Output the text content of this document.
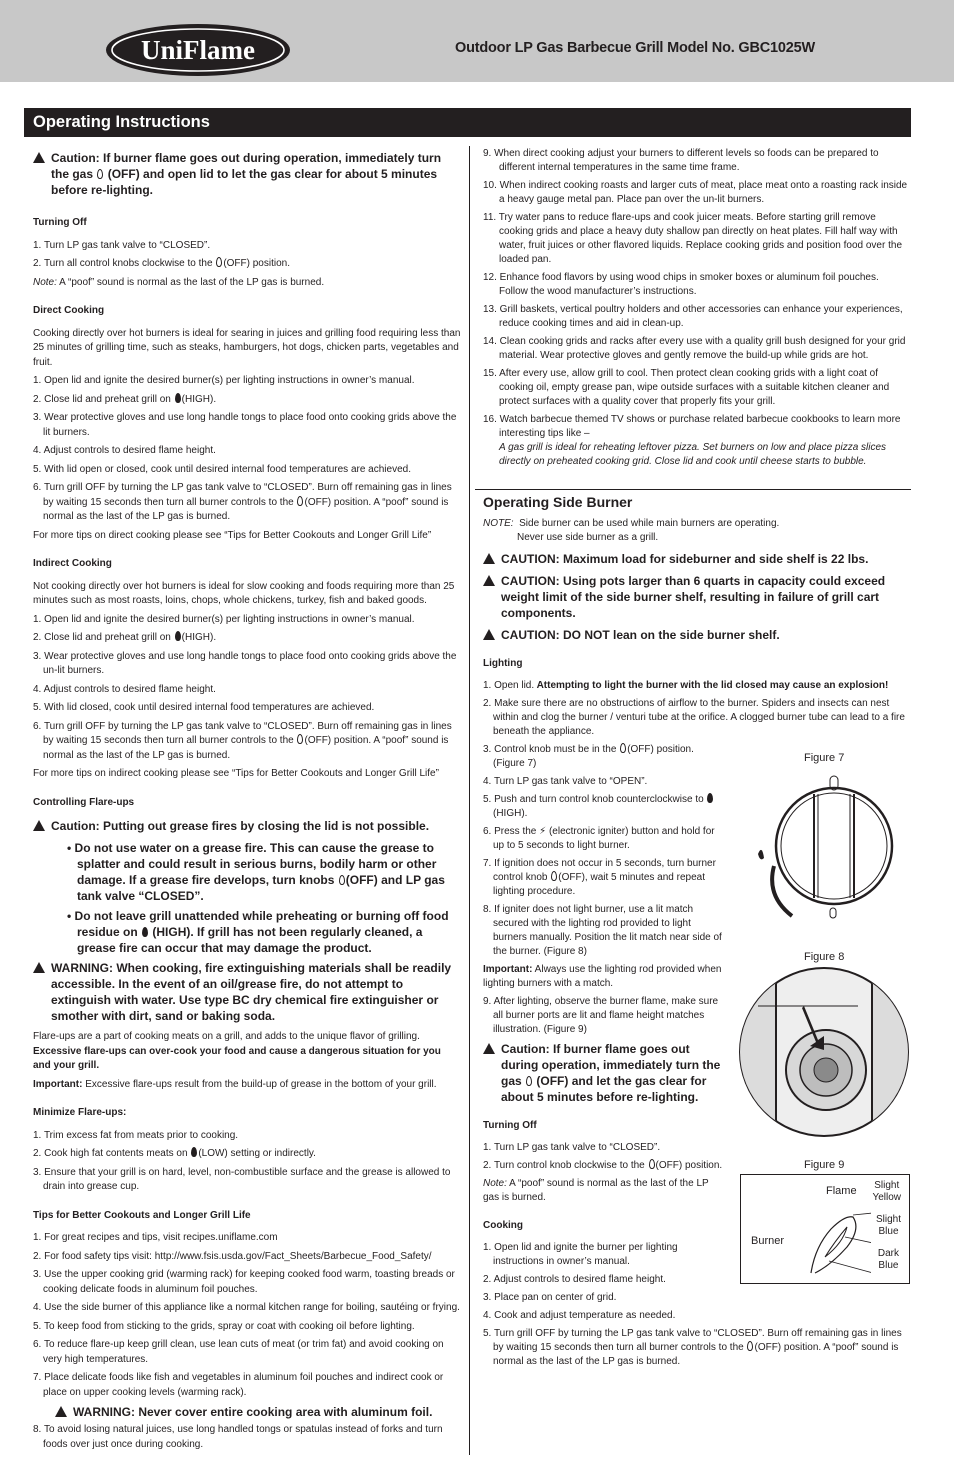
UniFlame	Outdoor LP Gas Barbecue Grill Model No. GBC1025W
Operating Instructions
Caution: If burner flame goes out during operation, immediately turn the gas (OFF) and open lid to let the gas clear for about 5 minutes before re-lighting.
Turning Off

1. Turn LP gas tank valve to “CLOSED”.

2. Turn all control knobs clockwise to the (OFF) position.

Note: A “poof” sound is normal as the last of the LP gas is burned.

Direct Cooking

Cooking directly over hot burners is ideal for searing in juices and grilling food requiring less than 25 minutes of grilling time, such as steaks, hamburgers, hot dogs, chicken parts, vegetables and fruit.

1. Open lid and ignite the desired burner(s) per lighting instructions in owner’s manual.

2. Close lid and preheat grill on (HIGH).

3. Wear protective gloves and use long handle tongs to place food onto cooking grids above the lit burners.

4. Adjust controls to desired flame height.

5. With lid open or closed, cook until desired internal food temperatures are achieved.

6. Turn grill OFF by turning the LP gas tank valve to “CLOSED”. Burn off remaining gas in lines by waiting 15 seconds then turn all burner controls to the (OFF) position. A “poof” sound is normal as the last of the LP gas is burned.

For more tips on direct cooking please see “Tips for Better Cookouts and Longer Grill Life”

Indirect Cooking

Not cooking directly over hot burners is ideal for slow cooking and foods requiring more than 25 minutes such as most roasts, loins, chops, whole chickens, turkey, fish and baked goods.

1. Open lid and ignite the desired burner(s) per lighting instructions in owner’s manual.

2. Close lid and preheat grill on (HIGH).

3. Wear protective gloves and use long handle tongs to place food onto cooking grids above the un-lit burners.

4. Adjust controls to desired flame height.

5. With lid closed, cook until desired internal food temperatures are achieved.

6. Turn grill OFF by turning the LP gas tank valve to “CLOSED”. Burn off remaining gas in lines by waiting 15 seconds then turn all burner controls to the (OFF) position. A “poof” sound is normal as the last of the LP gas is burned.

For more tips on indirect cooking please see “Tips for Better Cookouts and Longer Grill Life”

Controlling Flare-ups
Caution: Putting out grease fires by closing the lid is not possible.
• Do not use water on a grease fire. This can cause the grease to splatter and could result in serious burns, bodily harm or other damage. If a grease fire develops, turn knobs (OFF) and LP gas tank valve “CLOSED”.
• Do not leave grill unattended while preheating or burning off food residue on (HIGH). If grill has not been regularly cleaned, a grease fire can occur that may damage the product.
WARNING: When cooking, fire extinguishing materials shall be readily accessible. In the event of an oil/grease fire, do not attempt to extinguish with water. Use type BC dry chemical fire extinguisher or smother with dirt, sand or baking soda.

Flare-ups are a part of cooking meats on a grill, and adds to the unique flavor of grilling.

Excessive flare-ups can over-cook your food and cause a dangerous situation for you and your grill.

Important: Excessive flare-ups result from the build-up of grease in the bottom of your grill.

Minimize Flare-ups:

1. Trim excess fat from meats prior to cooking.

2. Cook high fat contents meats on (LOW) setting or indirectly.

3. Ensure that your grill is on hard, level, non-combustible surface and the grease is allowed to drain into grease cup.

Tips for Better Cookouts and Longer Grill Life

1. For great recipes and tips, visit recipes.uniflame.com

2. For food safety tips visit: http://www.fsis.usda.gov/Fact_Sheets/Barbecue_Food_Safety/

3. Use the upper cooking grid (warming rack) for keeping cooked food warm, toasting breads or cooking delicate foods in aluminum foil pouches.

4. Use the side burner of this appliance like a normal kitchen range for boiling, sautéing or frying.

5. To keep food from sticking to the grids, spray or coat with cooking oil before lighting.

6. To reduce flare-up keep grill clean, use lean cuts of meat (or trim fat) and avoid cooking on very high temperatures.

7. Place delicate foods like fish and vegetables in aluminum foil pouches and indirect cook or place on upper cooking levels (warming rack).

WARNING: Never cover entire cooking area with aluminum foil.

8. To avoid losing natural juices, use long handled tongs or spatulas instead of forks and turn foods over just once during cooking.

9. When direct cooking adjust your burners to different levels so foods can be prepared to different internal temperatures in the same time frame.

10. When indirect cooking roasts and larger cuts of meat, place meat onto a roasting rack inside a heavy gauge metal pan. Place pan over the un-lit burners.

11. Try water pans to reduce flare-ups and cook juicer meats. Before starting grill remove cooking grids and place a heavy duty shallow pan directly on heat plates. Fill half way with water, fruit juices or other flavored liquids. Replace cooking grids and position food over the loaded pan.

12. Enhance food flavors by using wood chips in smoker boxes or aluminum foil pouches. Follow the wood manufacturer’s instructions.

13. Grill baskets, vertical poultry holders and other accessories can enhance your experiences, reduce cooking times and aid in clean-up.

14. Clean cooking grids and racks after every use with a quality grill bush designed for your grid material. Wear protective gloves and gently remove the build-up while grids are hot.

15. After every use, allow grill to cool. Then protect clean cooking grids with a light coat of cooking oil, empty grease pan, wipe outside surfaces with a suitable kitchen cleaner and protect surfaces with a quality cover that properly fits your grill.

16. Watch barbecue themed TV shows or purchase related barbecue cookbooks to learn more interesting tips like –

A gas grill is ideal for reheating leftover pizza. Set burners on low and place pizza slices directly on preheated cooking grid. Close lid and cook until cheese starts to bubble.

Operating Side Burner

NOTE: Side burner can be used while main burners are operating.

Never use side burner as a grill.

CAUTION: Maximum load for sideburner and side shelf is 22 lbs.
CAUTION: Using pots larger than 6 quarts in capacity could exceed weight limit of the side burner shelf, resulting in failure of grill cart components.
CAUTION: DO NOT lean on the side burner shelf.
Lighting

1. Open lid. Attempting to light the burner with the lid closed may cause an explosion!

2. Make sure there are no obstructions of airflow to the burner. Spiders and insects can nest within and clog the burner / venturi tube at the orifice. A clogged burner tube can lead to a fire beneath the appliance.

3. Control knob must be in the (OFF) position. (Figure 7)

4. Turn LP gas tank valve to “OPEN”.

5. Push and turn control knob counterclockwise to  (HIGH).

6. Press the ⚡ (electronic igniter) button and hold for up to 5 seconds to light burner.

7. If ignition does not occur in 5 seconds, turn burner control knob (OFF), wait 5 minutes and repeat lighting procedure.

8. If igniter does not light burner, use a lit match secured with the lighting rod provided to light burners manually. Position the lit match near side of the burner. (Figure 8)

Important: Always use the lighting rod provided when lighting burners with a match.

9. After lighting, observe the burner flame, make sure all burner ports are lit and flame height matches illustration. (Figure 9)

Caution: If burner flame goes out during operation, immediately turn the gas (OFF) and let the gas clear for about 5 minutes before re-lighting.
Turning Off

1. Turn LP gas tank valve to “CLOSED”.

2. Turn control knob clockwise to the (OFF) position.

Note: A “poof” sound is normal as the last of the LP gas is burned.

Cooking

1. Open lid and ignite the burner per lighting instructions in owner’s manual.

2. Adjust controls to desired flame height.

3. Place pan on center of grid.

4. Cook and adjust temperature as needed.

5. Turn grill OFF by turning the LP gas tank valve to “CLOSED”. Burn off remaining gas in lines by waiting 15 seconds then turn all burner controls to the (OFF) position. A “poof” sound is normal as the last of the LP gas is burned.

Figure 7
Figure 8
Figure 9
Flame
Burner
Slight
Yellow
Slight
Blue
Dark
Blue
